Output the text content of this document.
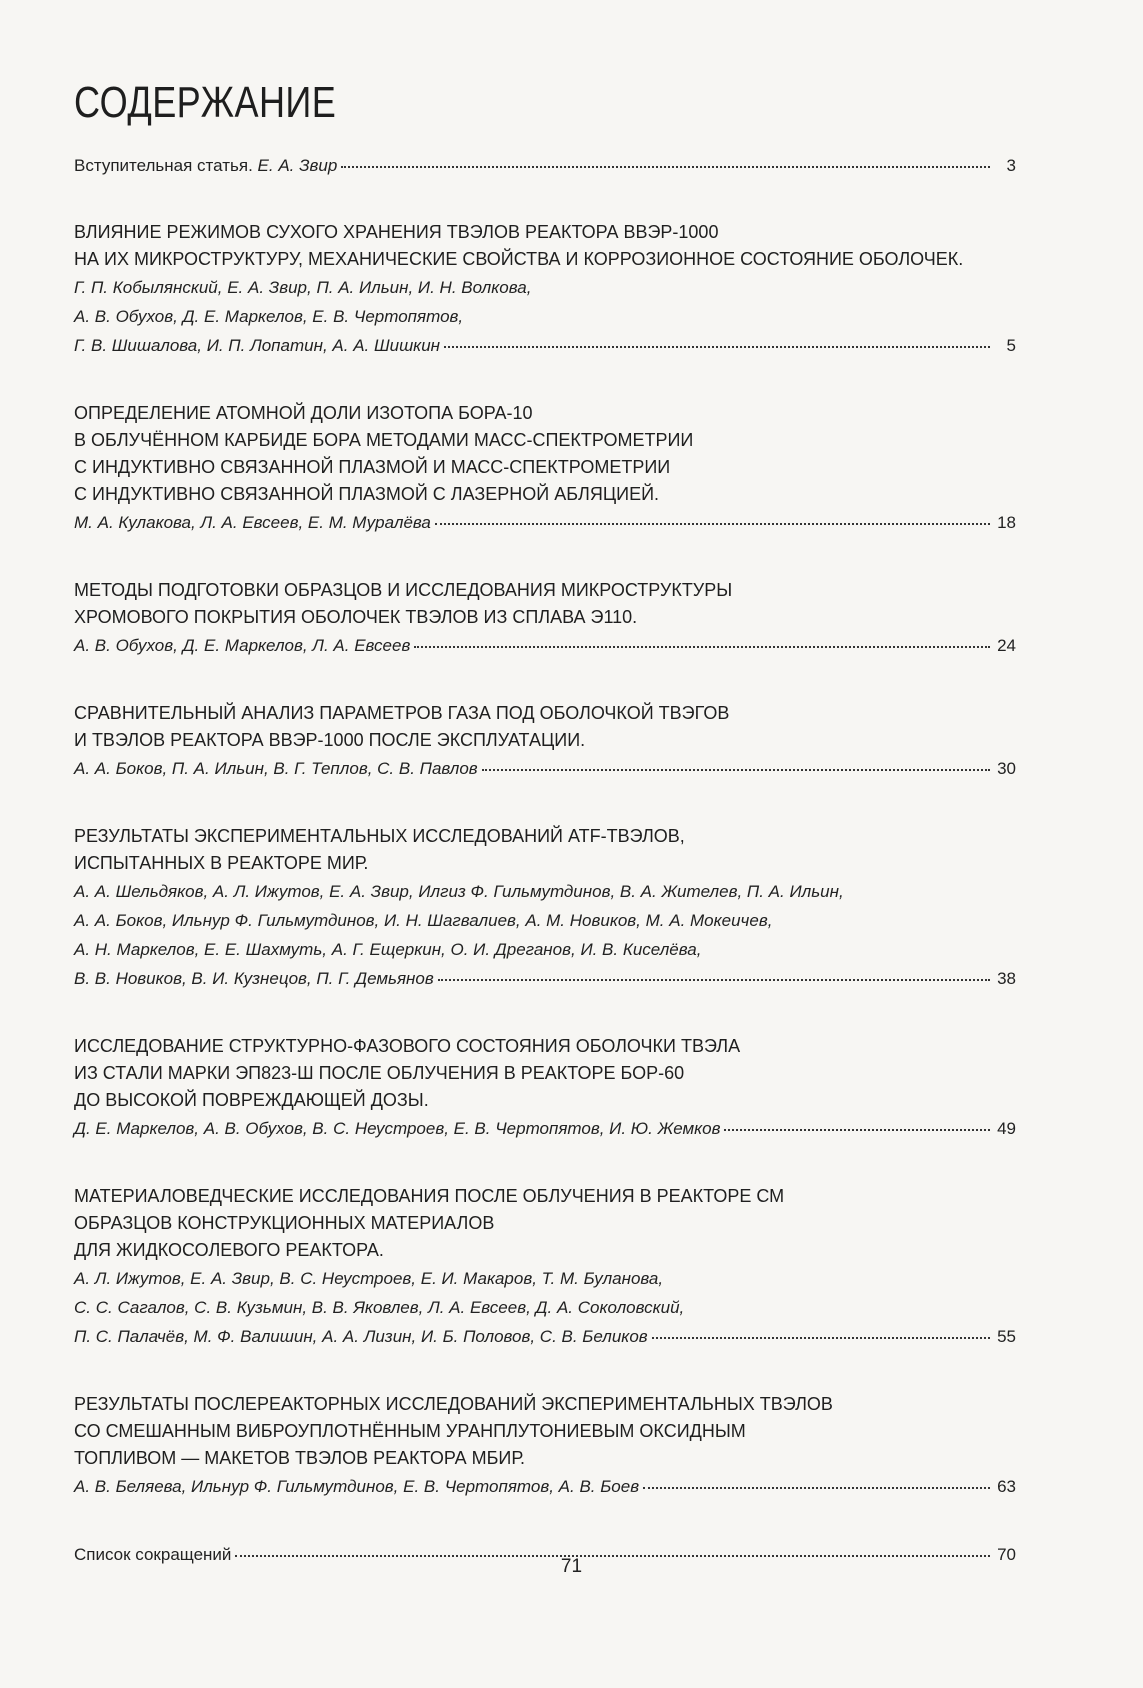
СОДЕРЖАНИЕ
Вступительная статья. Е. А. Звир	3
ВЛИЯНИЕ РЕЖИМОВ СУХОГО ХРАНЕНИЯ ТВЭЛОВ РЕАКТОРА ВВЭР-1000
НА ИХ МИКРОСТРУКТУРУ, МЕХАНИЧЕСКИЕ СВОЙСТВА И КОРРОЗИОННОЕ СОСТОЯНИЕ ОБОЛОЧЕК.
Г. П. Кобылянский, Е. А. Звир, П. А. Ильин, И. Н. Волкова,
А. В. Обухов, Д. Е. Маркелов, Е. В. Чертопятов,
Г. В. Шишалова, И. П. Лопатин, А. А. Шишкин	5
ОПРЕДЕЛЕНИЕ АТОМНОЙ ДОЛИ ИЗОТОПА БОРА-10
В ОБЛУЧЁННОМ КАРБИДЕ БОРА МЕТОДАМИ МАСС-СПЕКТРОМЕТРИИ
С ИНДУКТИВНО СВЯЗАННОЙ ПЛАЗМОЙ И МАСС-СПЕКТРОМЕТРИИ
С ИНДУКТИВНО СВЯЗАННОЙ ПЛАЗМОЙ С ЛАЗЕРНОЙ АБЛЯЦИЕЙ.
М. А. Кулакова, Л. А. Евсеев, Е. М. Муралёва	18
МЕТОДЫ ПОДГОТОВКИ ОБРАЗЦОВ И ИССЛЕДОВАНИЯ МИКРОСТРУКТУРЫ
ХРОМОВОГО ПОКРЫТИЯ ОБОЛОЧЕК ТВЭЛОВ ИЗ СПЛАВА Э110.
А. В. Обухов, Д. Е. Маркелов, Л. А. Евсеев	24
СРАВНИТЕЛЬНЫЙ АНАЛИЗ ПАРАМЕТРОВ ГАЗА ПОД ОБОЛОЧКОЙ ТВЭГОВ
И ТВЭЛОВ РЕАКТОРА ВВЭР-1000 ПОСЛЕ ЭКСПЛУАТАЦИИ.
А. А. Боков, П. А. Ильин, В. Г. Теплов, С. В. Павлов	30
РЕЗУЛЬТАТЫ ЭКСПЕРИМЕНТАЛЬНЫХ ИССЛЕДОВАНИЙ ATF-ТВЭЛОВ,
ИСПЫТАННЫХ В РЕАКТОРЕ МИР.
А. А. Шельдяков, А. Л. Ижутов, Е. А. Звир, Илгиз Ф. Гильмутдинов, В. А. Жителев, П. А. Ильин,
А. А. Боков, Ильнур Ф. Гильмутдинов, И. Н. Шагвалиев, А. М. Новиков, М. А. Мокеичев,
А. Н. Маркелов, Е. Е. Шахмуть, А. Г. Ещеркин, О. И. Дреганов, И. В. Киселёва,
В. В. Новиков, В. И. Кузнецов, П. Г. Демьянов	38
ИССЛЕДОВАНИЕ СТРУКТУРНО-ФАЗОВОГО СОСТОЯНИЯ ОБОЛОЧКИ ТВЭЛА
ИЗ СТАЛИ МАРКИ ЭП823-Ш ПОСЛЕ ОБЛУЧЕНИЯ В РЕАКТОРЕ БОР-60
ДО ВЫСОКОЙ ПОВРЕЖДАЮЩЕЙ ДОЗЫ.
Д. Е. Маркелов, А. В. Обухов, В. С. Неустроев, Е. В. Чертопятов, И. Ю. Жемков	49
МАТЕРИАЛОВЕДЧЕСКИЕ ИССЛЕДОВАНИЯ ПОСЛЕ ОБЛУЧЕНИЯ В РЕАКТОРЕ СМ
ОБРАЗЦОВ КОНСТРУКЦИОННЫХ МАТЕРИАЛОВ
ДЛЯ ЖИДКОСОЛЕВОГО РЕАКТОРА.
А. Л. Ижутов, Е. А. Звир, В. С. Неустроев, Е. И. Макаров, Т. М. Буланова,
С. С. Сагалов, С. В. Кузьмин, В. В. Яковлев, Л. А. Евсеев, Д. А. Соколовский,
П. С. Палачёв, М. Ф. Валишин, А. А. Лизин, И. Б. Половов, С. В. Беликов	55
РЕЗУЛЬТАТЫ ПОСЛЕРЕАКТОРНЫХ ИССЛЕДОВАНИЙ ЭКСПЕРИМЕНТАЛЬНЫХ ТВЭЛОВ
СО СМЕШАННЫМ ВИБРОУПЛОТНЁННЫМ УРАНПЛУТОНИЕВЫМ ОКСИДНЫМ
ТОПЛИВОМ — МАКЕТОВ ТВЭЛОВ РЕАКТОРА МБИР.
А. В. Беляева, Ильнур Ф. Гильмутдинов, Е. В. Чертопятов, А. В. Боев	63
Список сокращений	70
71
